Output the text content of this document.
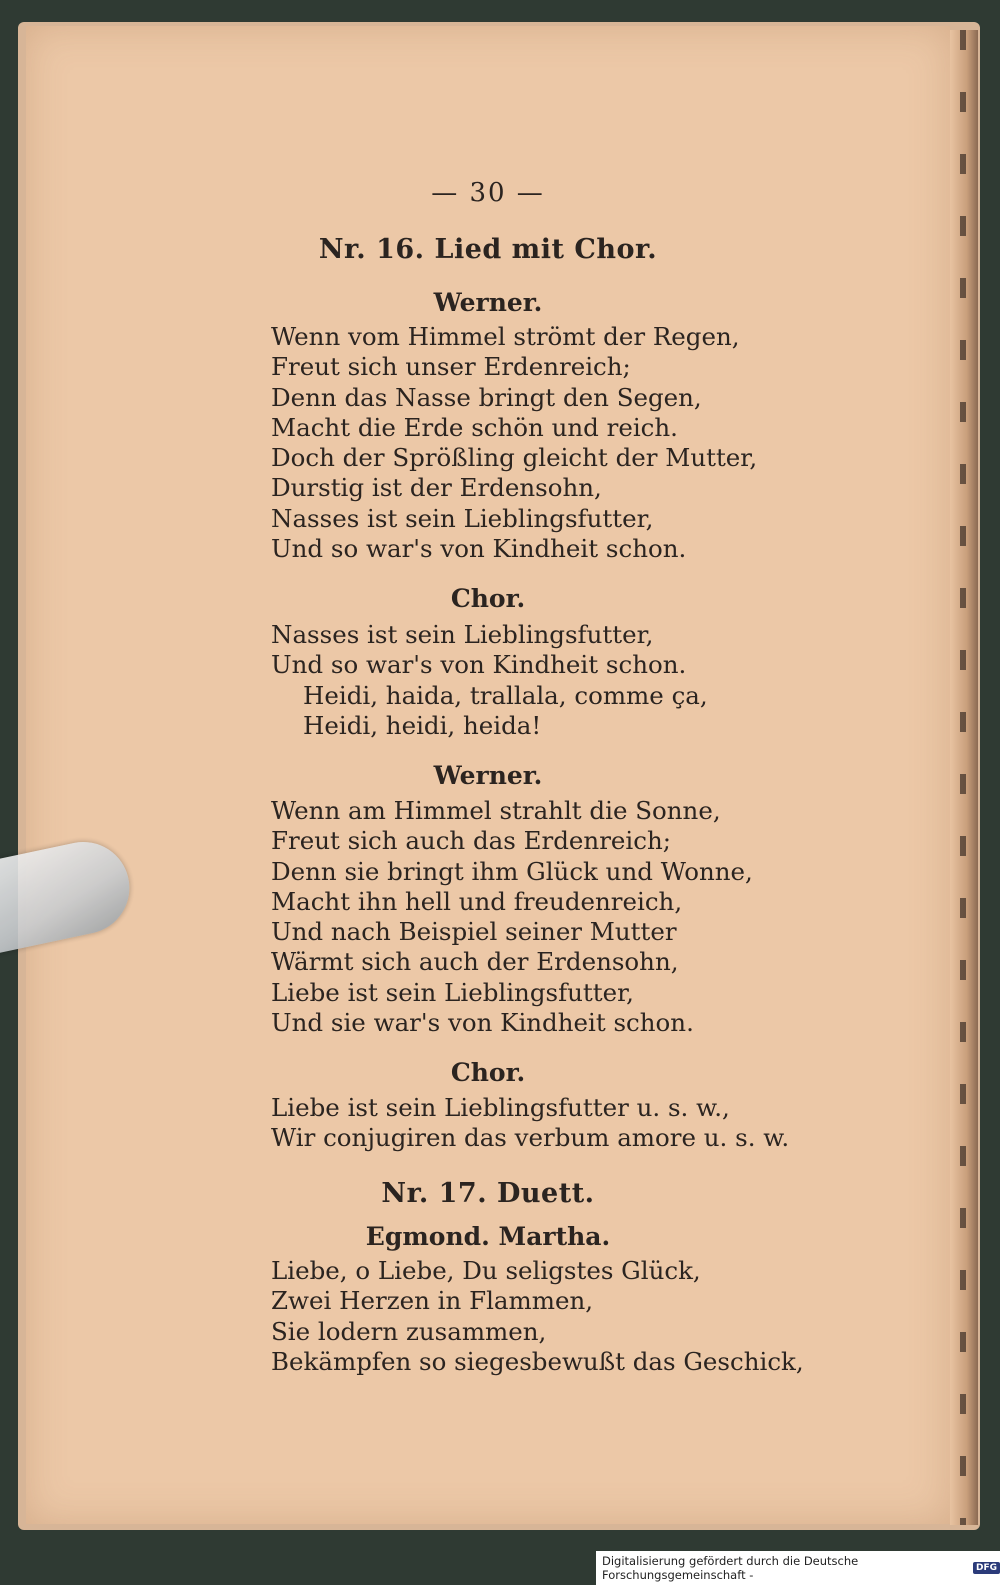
— 30 —
Nr. 16. Lied mit Chor.
Werner.
Wenn vom Himmel strömt der Regen,
Freut sich unser Erdenreich;
Denn das Nasse bringt den Segen,
Macht die Erde schön und reich.
Doch der Sprößling gleicht der Mutter,
Durstig ist der Erdensohn,
Nasses ist sein Lieblingsfutter,
Und so war's von Kindheit schon.
Chor.
Nasses ist sein Lieblingsfutter,
Und so war's von Kindheit schon.
Heidi, haida, trallala, comme ça,
Heidi, heidi, heida!
Werner.
Wenn am Himmel strahlt die Sonne,
Freut sich auch das Erdenreich;
Denn sie bringt ihm Glück und Wonne,
Macht ihn hell und freudenreich,
Und nach Beispiel seiner Mutter
Wärmt sich auch der Erdensohn,
Liebe ist sein Lieblingsfutter,
Und sie war's von Kindheit schon.
Chor.
Liebe ist sein Lieblingsfutter u. s. w.,
Wir conjugiren das verbum amore u. s. w.
Nr. 17. Duett.
Egmond. Martha.
Liebe, o Liebe, Du seligstes Glück,
Zwei Herzen in Flammen,
Sie lodern zusammen,
Bekämpfen so siegesbewußt das Geschick,
Digitalisierung gefördert durch die Deutsche Forschungsgemeinschaft -	DFG
